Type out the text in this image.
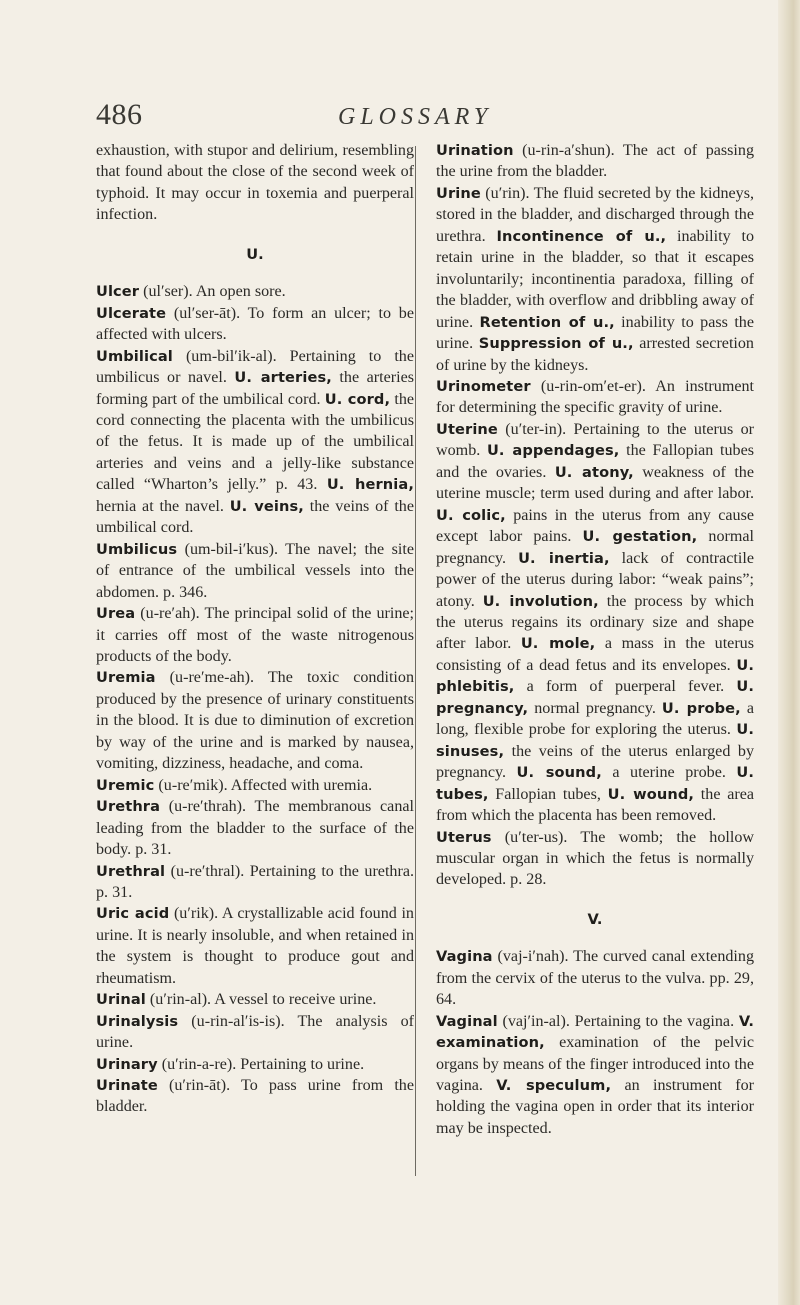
486	GLOSSARY

exhaustion, with stupor and delirium, resembling that found about the close of the second week of typhoid. It may occur in toxemia and puerperal infection.

U.

Ulcer (ul′ser). An open sore.

Ulcerate (ul′ser-āt). To form an ulcer; to be affected with ulcers.

Umbilical (um-bil′ik-al). Pertaining to the umbilicus or navel. U. arteries, the arteries forming part of the umbilical cord. U. cord, the cord connecting the placenta with the umbilicus of the fetus. It is made up of the umbilical arteries and veins and a jelly-like substance called “Wharton’s jelly.” p. 43. U. hernia, hernia at the navel. U. veins, the veins of the umbilical cord.

Umbilicus (um-bil-i′kus). The navel; the site of entrance of the umbilical vessels into the abdomen. p. 346.

Urea (u-re′ah). The principal solid of the urine; it carries off most of the waste nitrogenous products of the body.

Uremia (u-re′me-ah). The toxic condition produced by the presence of urinary constituents in the blood. It is due to diminution of excretion by way of the urine and is marked by nausea, vomiting, dizziness, headache, and coma.

Uremic (u-re′mik). Affected with uremia.

Urethra (u-re′thrah). The membranous canal leading from the bladder to the surface of the body. p. 31.

Urethral (u-re′thral). Pertaining to the urethra. p. 31.

Uric acid (u′rik). A crystallizable acid found in urine. It is nearly insoluble, and when retained in the system is thought to produce gout and rheumatism.

Urinal (u′rin-al). A vessel to receive urine.

Urinalysis (u-rin-al′is-is). The analysis of urine.

Urinary (u′rin-a-re). Pertaining to urine.

Urinate (u′rin-āt). To pass urine from the bladder.

Urination (u-rin-a′shun). The act of passing the urine from the bladder.

Urine (u′rin). The fluid secreted by the kidneys, stored in the bladder, and discharged through the urethra. Incontinence of u., inability to retain urine in the bladder, so that it escapes involuntarily; incontinentia paradoxa, filling of the bladder, with overflow and dribbling away of urine. Retention of u., inability to pass the urine. Suppression of u., arrested secretion of urine by the kidneys.

Urinometer (u-rin-om′et-er). An instrument for determining the specific gravity of urine.

Uterine (u′ter-in). Pertaining to the uterus or womb. U. appendages, the Fallopian tubes and the ovaries. U. atony, weakness of the uterine muscle; term used during and after labor. U. colic, pains in the uterus from any cause except labor pains. U. gestation, normal pregnancy. U. inertia, lack of contractile power of the uterus during labor: “weak pains”; atony. U. involution, the process by which the uterus regains its ordinary size and shape after labor. U. mole, a mass in the uterus consisting of a dead fetus and its envelopes. U. phlebitis, a form of puerperal fever. U. pregnancy, normal pregnancy. U. probe, a long, flexible probe for exploring the uterus. U. sinuses, the veins of the uterus enlarged by pregnancy. U. sound, a uterine probe. U. tubes, Fallopian tubes, U. wound, the area from which the placenta has been removed.

Uterus (u′ter-us). The womb; the hollow muscular organ in which the fetus is normally developed. p. 28.

V.

Vagina (vaj-i′nah). The curved canal extending from the cervix of the uterus to the vulva. pp. 29, 64.

Vaginal (vaj′in-al). Pertaining to the vagina. V. examination, examination of the pelvic organs by means of the finger introduced into the vagina. V. speculum, an instrument for holding the vagina open in order that its interior may be inspected.
